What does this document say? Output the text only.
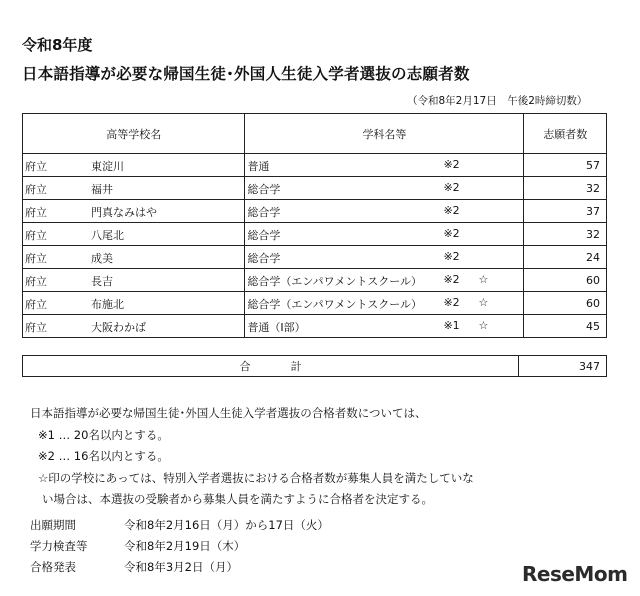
令和8年度
日本語指導が必要な帰国生徒･外国人生徒入学者選抜の志願者数
（令和8年2月17日　午後2時締切数）
高等学校名	学科名等	志願者数

府立 東淀川	普通 ※2	57

府立 福井	総合学 ※2	32

府立 門真なみはや	総合学 ※2	37

府立 八尾北	総合学 ※2	32

府立 成美	総合学 ※2	24

府立 長吉	総合学（エンパワメントスクール） ※2 ☆	60

府立 布施北	総合学（エンパワメントスクール） ※2 ☆	60

府立 大阪わかば	普通（Ⅰ部） ※1 ☆	45
合計	347
日本語指導が必要な帰国生徒･外国人生徒入学者選抜の合格者数については、
※1 … 20名以内とする。
※2 … 16名以内とする。
☆印の学校にあっては、特別入学者選抜における合格者数が募集人員を満たしていな
い場合は、本選抜の受験者から募集人員を満たすように合格者を決定する。
出願期間	令和8年2月16日（月）から17日（火）
学力検査等	令和8年2月19日（木）
合格発表	令和8年3月2日（月）	ReseMom
